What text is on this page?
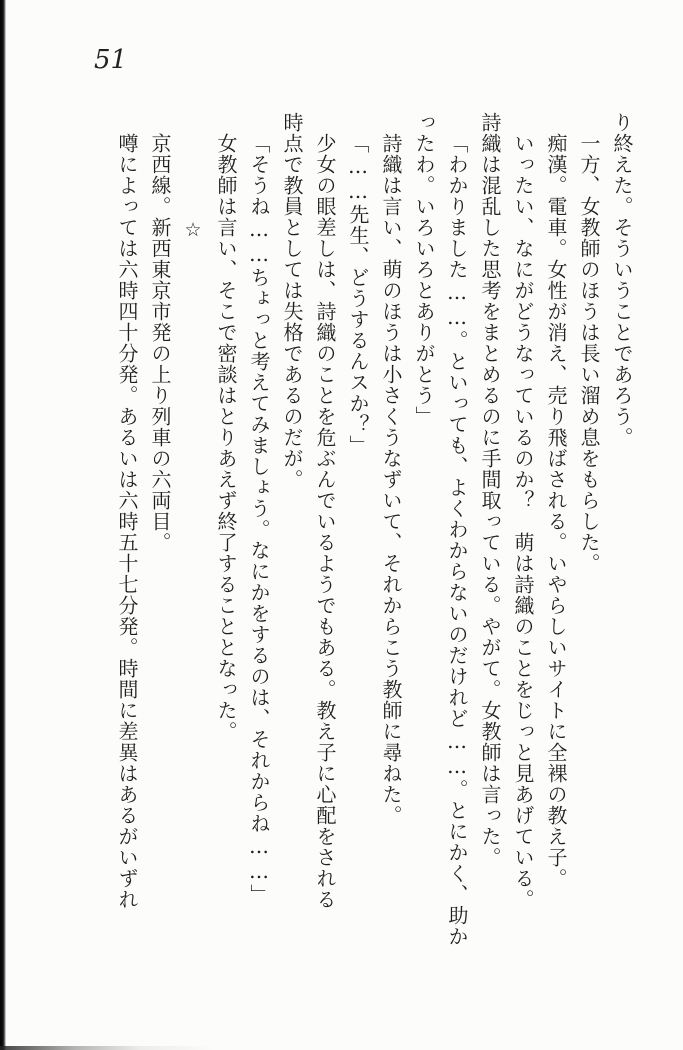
51
り終えた。そういうことであろう。
一方、女教師のほうは長い溜め息をもらした。
痴漢。電車。女性が消え、売り飛ばされる。いやらしいサイトに全裸の教え子。
いったい、なにがどうなっているのか？　萌は詩織のことをじっと見あげている。
詩織は混乱した思考をまとめるのに手間取っている。やがて。女教師は言った。
「わかりました……。といっても、よくわからないのだけれど……。とにかく、助か
ったわ。いろいろとありがとう」
詩織は言い、萌のほうは小さくうなずいて、それからこう教師に尋ねた。
「……先生、どうするんスか？」
少女の眼差しは、詩織のことを危ぶんでいるようでもある。教え子に心配をされる
時点で教員としては失格であるのだが。
「そうね……ちょっと考えてみましょう。なにかをするのは、それからね……」
女教師は言い、そこで密談はとりあえず終了することとなった。
☆
京西線。新西東京市発の上り列車の六両目。
噂によっては六時四十分発。あるいは六時五十七分発。時間に差異はあるがいずれ
